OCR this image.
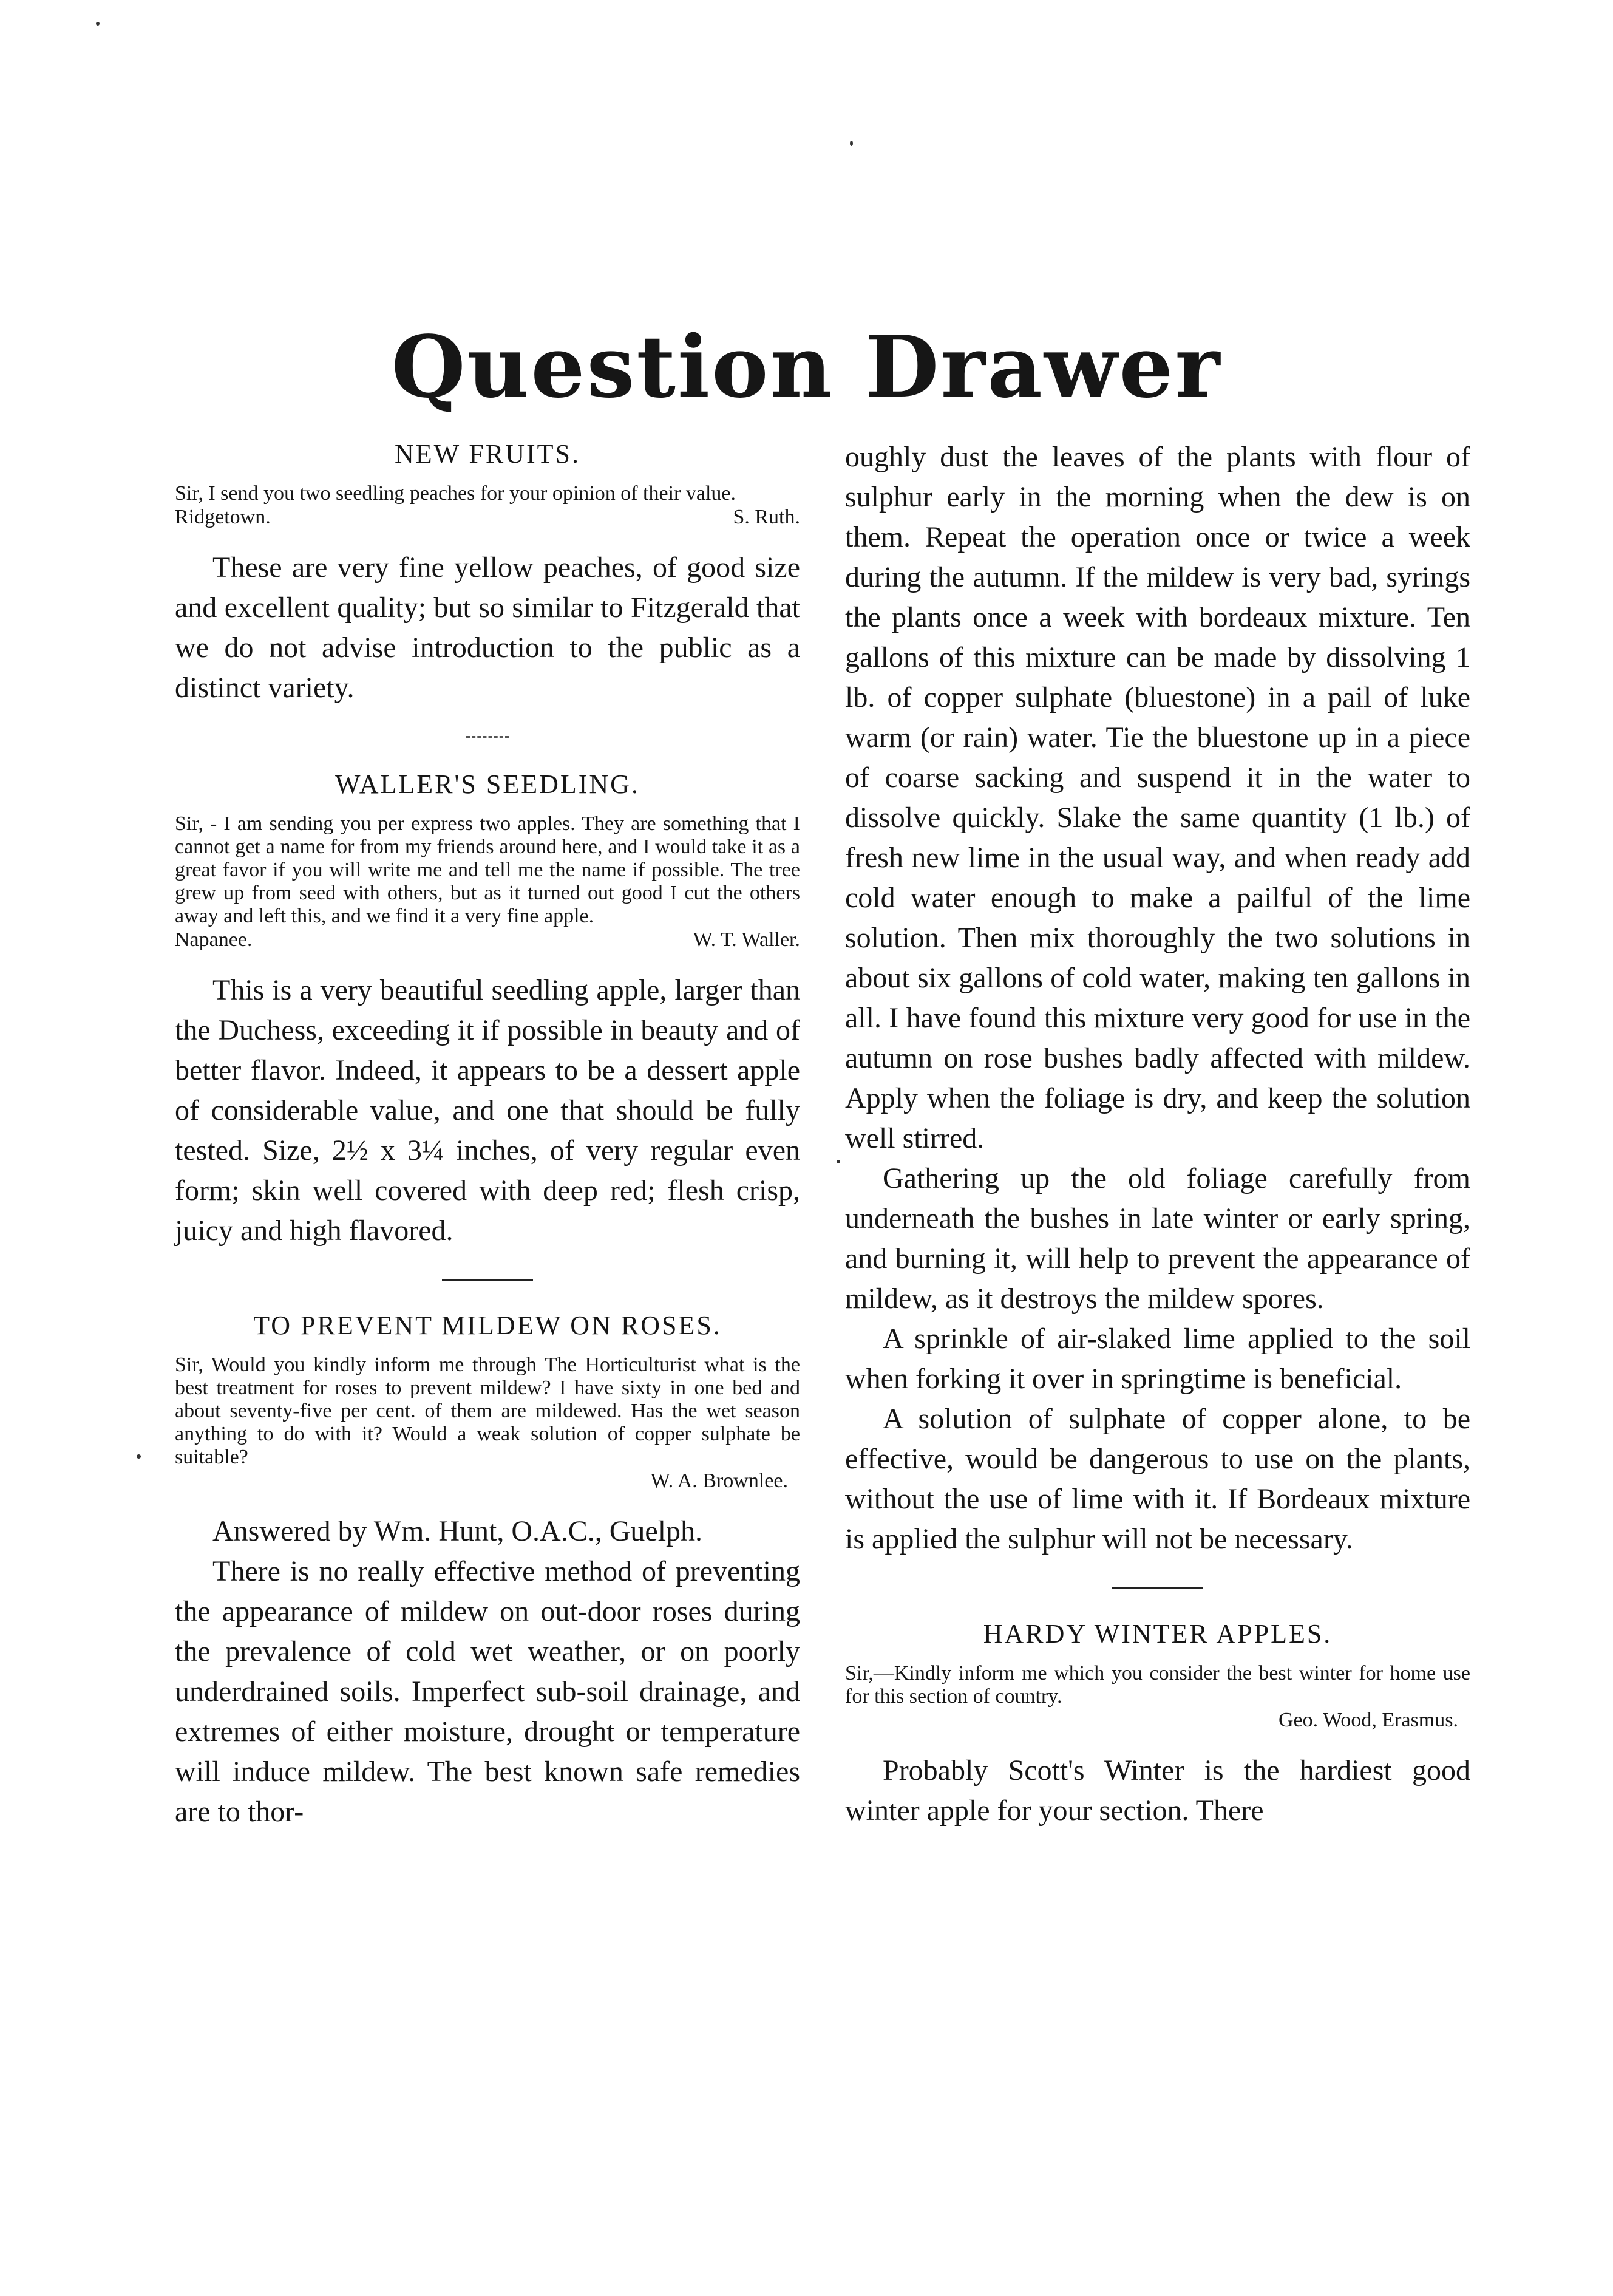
Question Drawer

NEW FRUITS.

Sir, I send you two seedling peaches for your opinion of their value.

Ridgetown.	S. Ruth.

These are very fine yellow peaches, of good size and excellent quality; but so similar to Fitzgerald that we do not advise introduction to the public as a distinct variety.

WALLER'S SEEDLING.

Sir, - I am sending you per express two apples. They are something that I cannot get a name for from my friends around here, and I would take it as a great favor if you will write me and tell me the name if possible. The tree grew up from seed with others, but as it turned out good I cut the others away and left this, and we find it a very fine apple.

Napanee.	W. T. Waller.

This is a very beautiful seedling apple, larger than the Duchess, exceeding it if possible in beauty and of better flavor. Indeed, it appears to be a dessert apple of considerable value, and one that should be fully tested. Size, 2½ x 3¼ inches, of very regular even form; skin well covered with deep red; flesh crisp, juicy and high flavored.

TO PREVENT MILDEW ON ROSES.

Sir, Would you kindly inform me through The Horticulturist what is the best treatment for roses to prevent mildew? I have sixty in one bed and about seventy-five per cent. of them are mildewed. Has the wet season anything to do with it? Would a weak solution of copper sulphate be suitable?

W. A. Brownlee.

Answered by Wm. Hunt, O.A.C., Guelph.

There is no really effective method of preventing the appearance of mildew on out-door roses during the prevalence of cold wet weather, or on poorly underdrained soils. Imperfect sub-soil drainage, and extremes of either moisture, drought or temperature will induce mildew. The best known safe remedies are to thor-

oughly dust the leaves of the plants with flour of sulphur early in the morning when the dew is on them. Repeat the operation once or twice a week during the autumn. If the mildew is very bad, syrings the plants once a week with bordeaux mixture. Ten gallons of this mixture can be made by dissolving 1 lb. of copper sulphate (bluestone) in a pail of luke warm (or rain) water. Tie the bluestone up in a piece of coarse sacking and suspend it in the water to dissolve quickly. Slake the same quantity (1 lb.) of fresh new lime in the usual way, and when ready add cold water enough to make a pailful of the lime solution. Then mix thoroughly the two solutions in about six gallons of cold water, making ten gallons in all. I have found this mixture very good for use in the autumn on rose bushes badly affected with mildew. Apply when the foliage is dry, and keep the solution well stirred.

Gathering up the old foliage carefully from underneath the bushes in late winter or early spring, and burning it, will help to prevent the appearance of mildew, as it destroys the mildew spores.

A sprinkle of air-slaked lime applied to the soil when forking it over in springtime is beneficial.

A solution of sulphate of copper alone, to be effective, would be dangerous to use on the plants, without the use of lime with it. If Bordeaux mixture is applied the sulphur will not be necessary.

HARDY WINTER APPLES.

Sir,—Kindly inform me which you consider the best winter for home use for this section of country.

Geo. Wood, Erasmus.

Probably Scott's Winter is the hardiest good winter apple for your section. There
